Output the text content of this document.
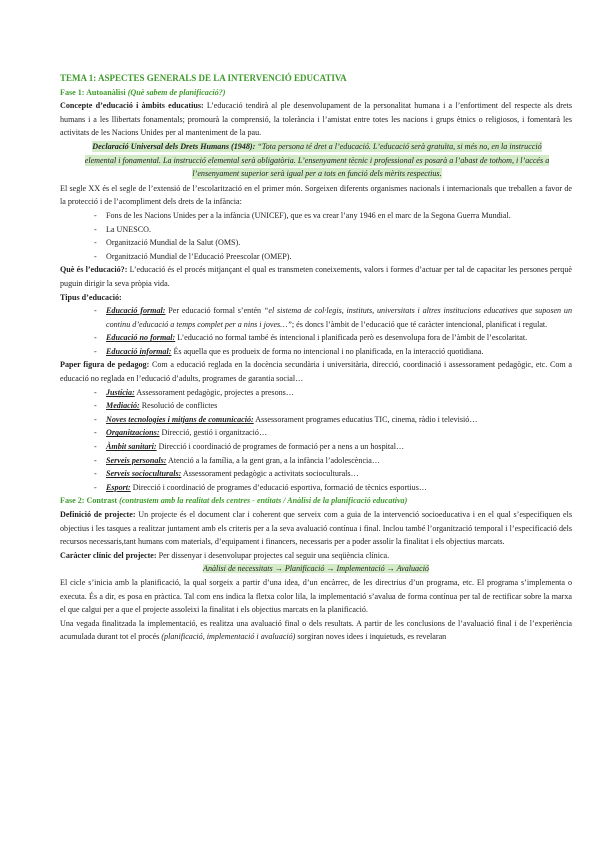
TEMA 1: ASPECTES GENERALS DE LA INTERVENCIÓ EDUCATIVA

Fase 1: Autoanàlisi (Què sabem de planificació?)

Concepte d’educació i àmbits educatius: L’educació tendirà al ple desenvolupament de la personalitat humana i a l’enfortiment del respecte als drets humans i a les llibertats fonamentals; promourà la comprensió, la tolerància i l’amistat entre totes les nacions i grups ètnics o religiosos, i fomentarà les activitats de les Nacions Unides per al manteniment de la pau.

Declaració Universal dels Drets Humans (1948): “Tota persona té dret a l’educació. L’educació serà gratuïta, si més no, en la instrucció elemental i fonamental. La instrucció elemental serà obligatòria. L’ensenyament tècnic i professional es posarà a l’abast de tothom, i l’accés a l’ensenyament superior serà igual per a tots en funció dels mèrits respectius.

El segle XX és el segle de l’extensió de l’escolarització en el primer món. Sorgeixen diferents organismes nacionals i internacionals que treballen a favor de la protecció i de l’acompliment dels drets de la infància:

- Fons de les Nacions Unides per a la infància (UNICEF), que es va crear l’any 1946 en el marc de la Segona Guerra Mundial.
- La UNESCO.
- Organització Mundial de la Salut (OMS).
- Organització Mundial de l’Educació Preescolar (OMEP).

Què és l’educació?: L’educació és el procés mitjançant el qual es transmeten coneixements, valors i formes d’actuar per tal de capacitar les persones perquè puguin dirigir la seva pròpia vida.

Tipus d’educació:

- Educació formal: Per educació formal s’entén “el sistema de col·legis, instituts, universitats i altres institucions educatives que suposen un continu d’educació a temps complet per a nins i joves…”; és doncs l’àmbit de l’educació que té caràcter intencional, planificat i regulat.
- Educació no formal: L’educació no formal també és intencional i planificada però es desenvolupa fora de l’àmbit de l’escolaritat.
- Educació informal: És aquella que es produeix de forma no intencional i no planificada, en la interacció quotidiana.

Paper figura de pedagog: Com a educació reglada en la docència secundària i universitària, direcció, coordinació i assessorament pedagògic, etc. Com a educació no reglada en l’educació d’adults, programes de garantia social…

- Justícia: Assessorament pedagògic, projectes a presons…
- Mediació: Resolució de conflictes
- Noves tecnologies i mitjans de comunicació: Assessorament programes educatius TIC, cinema, ràdio i televisió…
- Organitzacions: Direcció, gestió i organització…
- Àmbit sanitari: Direcció i coordinació de programes de formació per a nens a un hospital…
- Serveis personals: Atenció a la família, a la gent gran, a la infància l’adolescència…
- Serveis socioculturals: Assessorament pedagògic a activitats socioculturals…
- Esport: Direcció i coordinació de programes d’educació esportiva, formació de tècnics esportius…

Fase 2: Contrast (contrastem amb la realitat dels centres - entitats / Anàlisi de la planificació educativa)

Definició de projecte: Un projecte és el document clar i coherent que serveix com a guia de la intervenció socioeducativa i en el qual s’especifiquen els objectius i les tasques a realitzar juntament amb els criteris per a la seva avaluació contínua i final. Inclou també l’organització temporal i l’especificació dels recursos necessaris,tant humans com materials, d’equipament i financers, necessaris per a poder assolir la finalitat i els objectius marcats.

Caràcter clínic del projecte: Per dissenyar i desenvolupar projectes cal seguir una seqüència clínica.

Anàlisi de necessitats → Planificació → Implementació → Avaluació

El cicle s’inicia amb la planificació, la qual sorgeix a partir d’una idea, d’un encàrrec, de les directrius d’un programa, etc. El programa s’implementa o executa. És a dir, es posa en pràctica. Tal com ens indica la fletxa color lila, la implementació s’avalua de forma contínua per tal de rectificar sobre la marxa el que calgui per a que el projecte assoleixi la finalitat i els objectius marcats en la planificació.

Una vegada finalitzada la implementació, es realitza una avaluació final o dels resultats. A partir de les conclusions de l’avaluació final i de l’experiència acumulada durant tot el procés (planificació, implementació i avaluació) sorgiran noves idees i inquietuds, es revelaran
